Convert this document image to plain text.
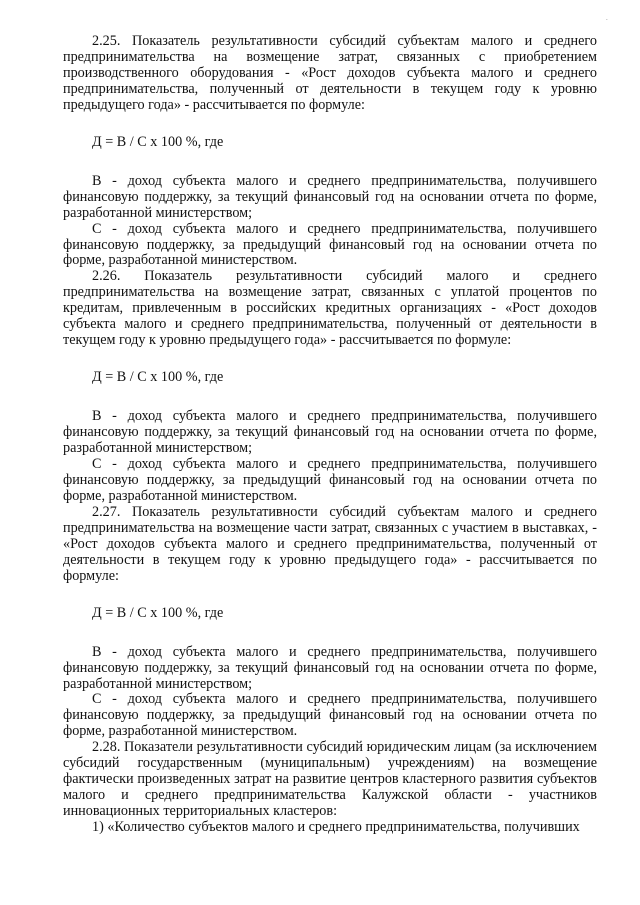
.

2.25. Показатель результативности субсидий субъектам малого и среднего предпринимательства на возмещение затрат, связанных с приобретением производственного оборудования - «Рост доходов субъекта малого и среднего предпринимательства, полученный от деятельности в текущем году к уровню предыдущего года» - рассчитывается по формуле:

Д = В / С х 100 %, где

В - доход субъекта малого и среднего предпринимательства, получившего финансовую поддержку, за текущий финансовый год на основании отчета по форме, разработанной министерством;

С - доход субъекта малого и среднего предпринимательства, получившего финансовую поддержку, за предыдущий финансовый год на основании отчета по форме, разработанной министерством.

2.26. Показатель результативности субсидий малого и среднего предпринимательства на возмещение затрат, связанных с уплатой процентов по кредитам, привлеченным в российских кредитных организациях - «Рост доходов субъекта малого и среднего предпринимательства, полученный от деятельности в текущем году к уровню предыдущего года» - рассчитывается по формуле:

Д = В / С х 100 %, где

В - доход субъекта малого и среднего предпринимательства, получившего финансовую поддержку, за текущий финансовый год на основании отчета по форме, разработанной министерством;

С - доход субъекта малого и среднего предпринимательства, получившего финансовую поддержку, за предыдущий финансовый год на основании отчета по форме, разработанной министерством.

2.27. Показатель результативности субсидий субъектам малого и среднего предпринимательства на возмещение части затрат, связанных с участием в выставках, - «Рост доходов субъекта малого и среднего предпринимательства, полученный от деятельности в текущем году к уровню предыдущего года» - рассчитывается по формуле:

Д = В / С х 100 %, где

В - доход субъекта малого и среднего предпринимательства, получившего финансовую поддержку, за текущий финансовый год на основании отчета по форме, разработанной министерством;

С - доход субъекта малого и среднего предпринимательства, получившего финансовую поддержку, за предыдущий финансовый год на основании отчета по форме, разработанной министерством.

2.28. Показатели результативности субсидий юридическим лицам (за исключением субсидий государственным (муниципальным) учреждениям) на возмещение фактически произведенных затрат на развитие центров кластерного развития субъектов малого и среднего предпринимательства Калужской области - участников инновационных территориальных кластеров:

1) «Количество субъектов малого и среднего предпринимательства, получивших
